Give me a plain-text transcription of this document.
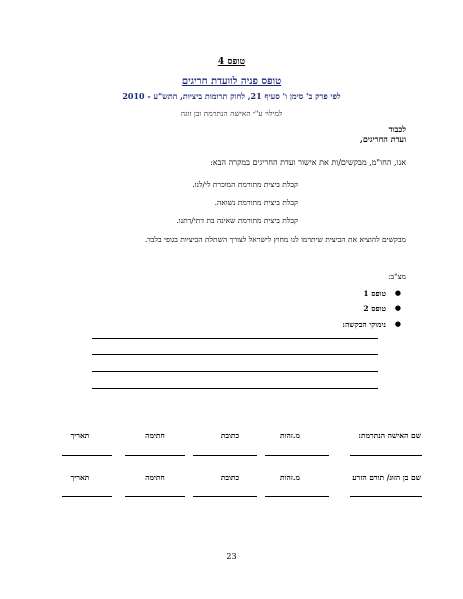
טופס 4
טופס פניה לוועדת חריגים
לפי פרק ב' סימן ו' סעיף 21, לחוק תרומות ביציות, התש"ע - 2010
למילוי ע"י האישה הנתרמת ובן זוגה
לכבוד
ועדת החריגים,
אנו, החו"מ, מבקשים/ות את אישור ועדת החריגים במקרה הבא:
קבלת ביצית מתורמת המוכרת לי/לנו.
קבלת ביצית מתורמת נשואה.
קבלת ביצית מתורמת שאינה בת דתי/דתנו.
מבקשים להוציא את הביצית שיתרמו לנו מחוץ לישראל לצורך השתלת הביציות בגופי בלבד.
מצ"ב:
●
טופס 1
●
טופס 2
●
נימוקי הבקשה:
שם האישה הנתרמת:
מ.זהות
כתובת
חתימה
תאריך
שם בן הזוג/ תורם הזרע
מ.זהות
כתובת
חתימה
תאריך
23
